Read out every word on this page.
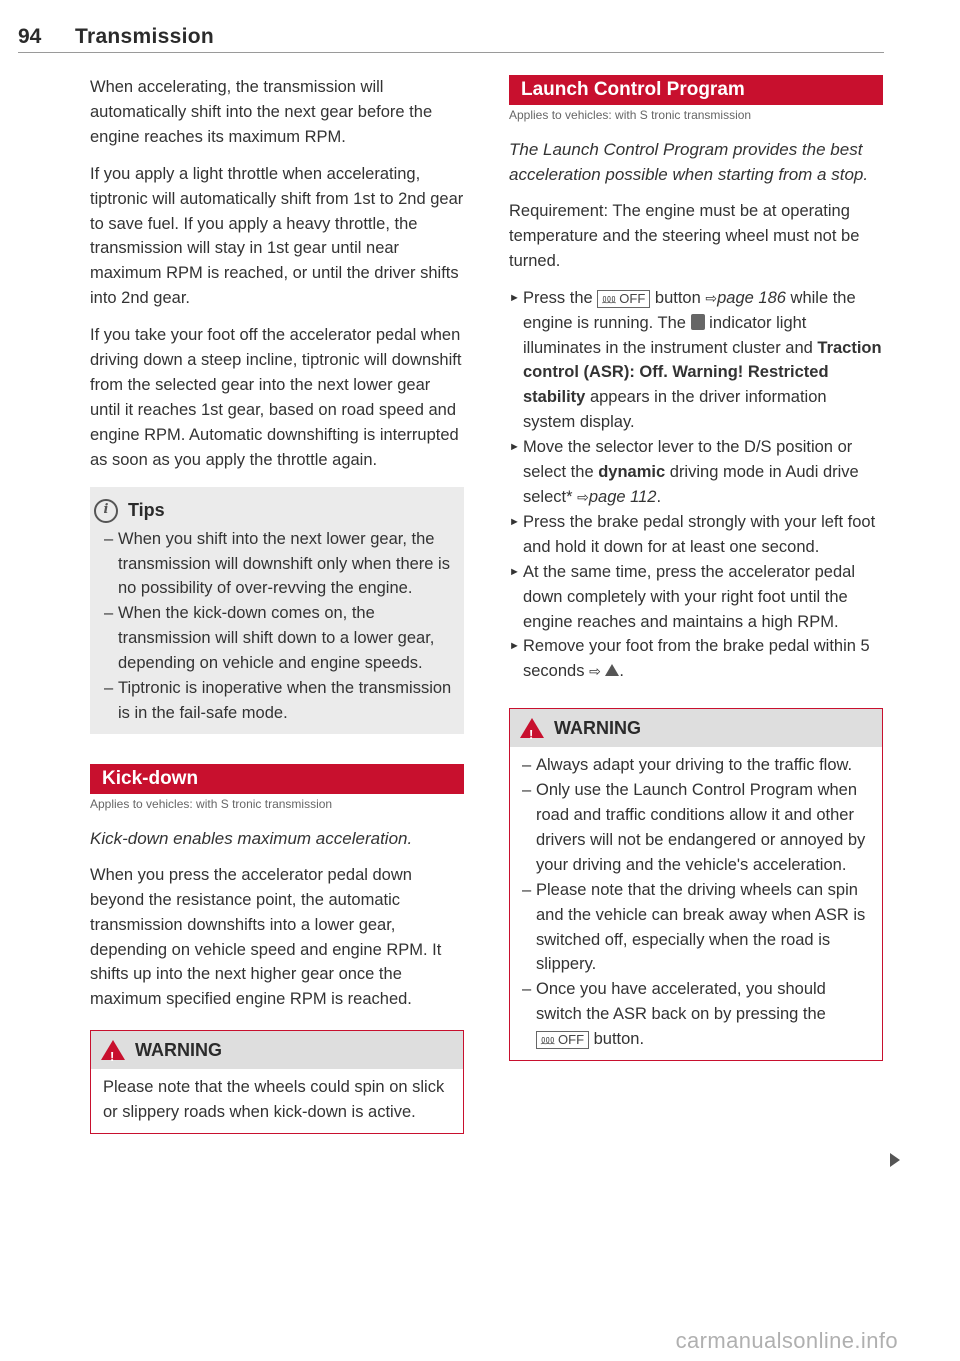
94 Transmission

When accelerating, the transmission will automatically shift into the next gear before the engine reaches its maximum RPM.

If you apply a light throttle when accelerating, tiptronic will automatically shift from 1st to 2nd gear to save fuel. If you apply a heavy throttle, the transmission will stay in 1st gear until near maximum RPM is reached, or until the driver shifts into 2nd gear.

If you take your foot off the accelerator pedal when driving down a steep incline, tiptronic will downshift from the selected gear into the next lower gear until it reaches 1st gear, based on road speed and engine RPM. Automatic downshifting is interrupted as soon as you apply the throttle again.

i	Tips
– When you shift into the next lower gear, the transmission will downshift only when there is no possibility of over-revving the engine.
– When the kick-down comes on, the transmission will shift down to a lower gear, depending on vehicle and engine speeds.
– Tiptronic is inoperative when the transmission is in the fail-safe mode.
Kick-down
Applies to vehicles: with S tronic transmission

Kick-down enables maximum acceleration.

When you press the accelerator pedal down beyond the resistance point, the automatic transmission downshifts into a lower gear, depending on vehicle speed and engine RPM. It shifts up into the next higher gear once the maximum specified engine RPM is reached.

! WARNING
Please note that the wheels could spin on slick or slippery roads when kick-down is active.
Launch Control Program
Applies to vehicles: with S tronic transmission

The Launch Control Program provides the best acceleration possible when starting from a stop.

Requirement: The engine must be at operating temperature and the steering wheel must not be turned.

► Press the ⅏ OFF button ⇨page 186 while the engine is running. The indicator light illuminates in the instrument cluster and Traction control (ASR): Off. Warning! Restricted stability appears in the driver information system display.
► Move the selector lever to the D/S position or select the dynamic driving mode in Audi drive select* ⇨page 112.
► Press the brake pedal strongly with your left foot and hold it down for at least one second.
► At the same time, press the accelerator pedal down completely with your right foot until the engine reaches and maintains a high RPM.
► Remove your foot from the brake pedal within 5 seconds ⇨ .
! WARNING
– Always adapt your driving to the traffic flow.
– Only use the Launch Control Program when road and traffic conditions allow it and other drivers will not be endangered or annoyed by your driving and the vehicle's acceleration.
– Please note that the driving wheels can spin and the vehicle can break away when ASR is switched off, especially when the road is slippery.
– Once you have accelerated, you should switch the ASR back on by pressing the ⅏ OFF button.
carmanualsonline.info
